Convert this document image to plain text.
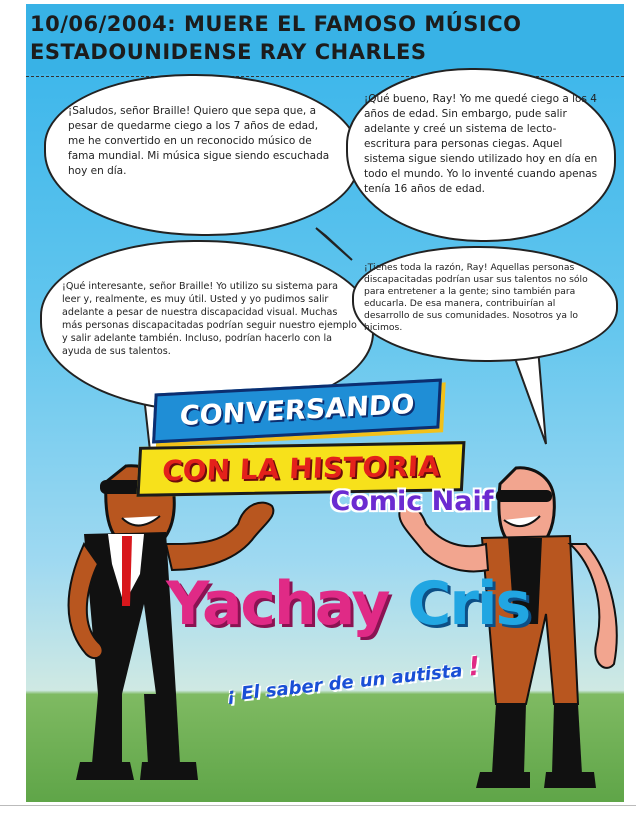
10/06/2004: MUERE EL FAMOSO MÚSICO ESTADOUNIDENSE RAY CHARLES
¡Saludos, señor Braille! Quiero que sepa que, a pesar de quedarme ciego a los 7 años de edad, me he convertido en un reconocido músico de fama mundial. Mi música sigue siendo escuchada hoy en día.
¡Qué bueno, Ray! Yo me quedé ciego a los 4 años de edad. Sin embargo, pude salir adelante y creé un sistema de lecto-escritura para personas ciegas. Aquel sistema sigue siendo utilizado hoy en día en todo el mundo. Yo lo inventé cuando apenas tenía 16 años de edad.
¡Qué interesante, señor Braille! Yo utilizo su sistema para leer y, realmente, es muy útil. Usted y yo pudimos salir adelante a pesar de nuestra discapacidad visual. Muchas más personas discapacitadas podrían seguir nuestro ejemplo y salir adelante también. Incluso, podrían hacerlo con la ayuda de sus talentos.
¡Tienes toda la razón, Ray! Aquellas personas discapacitadas podrían usar sus talentos no sólo para entretener a la gente; sino también para educarla. De esa manera, contribuirían al desarrollo de sus comunidades. Nosotros ya lo hicimos.
CONVERSANDO
CON LA HISTORIA
Comic Naif
Yachay Cris
¡ El saber de un autista !
